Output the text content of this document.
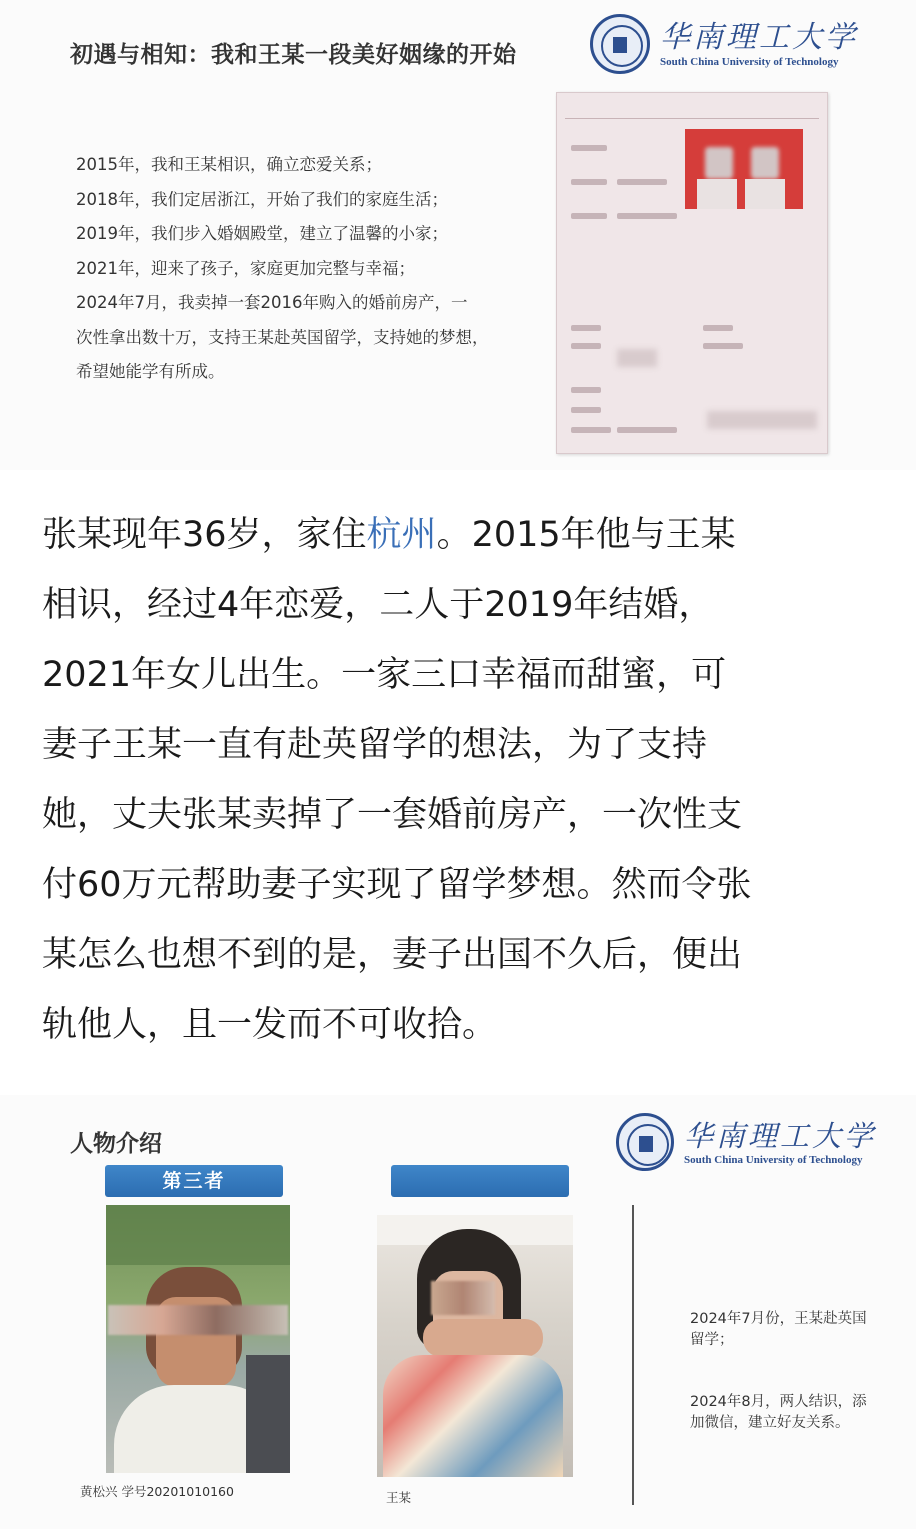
初遇与相知：我和王某一段美好姻缘的开始	华南理工大学
South China University of Technology
2015年，我和王某相识，确立恋爱关系；
2018年，我们定居浙江，开始了我们的家庭生活；
2019年，我们步入婚姻殿堂，建立了温馨的小家；
2021年，迎来了孩子，家庭更加完整与幸福；
2024年7月，我卖掉一套2016年购入的婚前房产，一
次性拿出数十万，支持王某赴英国留学，支持她的梦想，
希望她能学有所成。
张某现年36岁，家住杭州。2015年他与王某
相识，经过4年恋爱，二人于2019年结婚，
2021年女儿出生。一家三口幸福而甜蜜，可
妻子王某一直有赴英留学的想法，为了支持
她，丈夫张某卖掉了一套婚前房产，一次性支
付60万元帮助妻子实现了留学梦想。然而令张
某怎么也想不到的是，妻子出国不久后，便出
轨他人，且一发而不可收拾。
人物介绍	华南理工大学
South China University of Technology
第三者
黄松兴 学号20201010160	王某
2024年7月份，王某赴英国留学；
2024年8月，两人结识，添加微信，建立好友关系。
